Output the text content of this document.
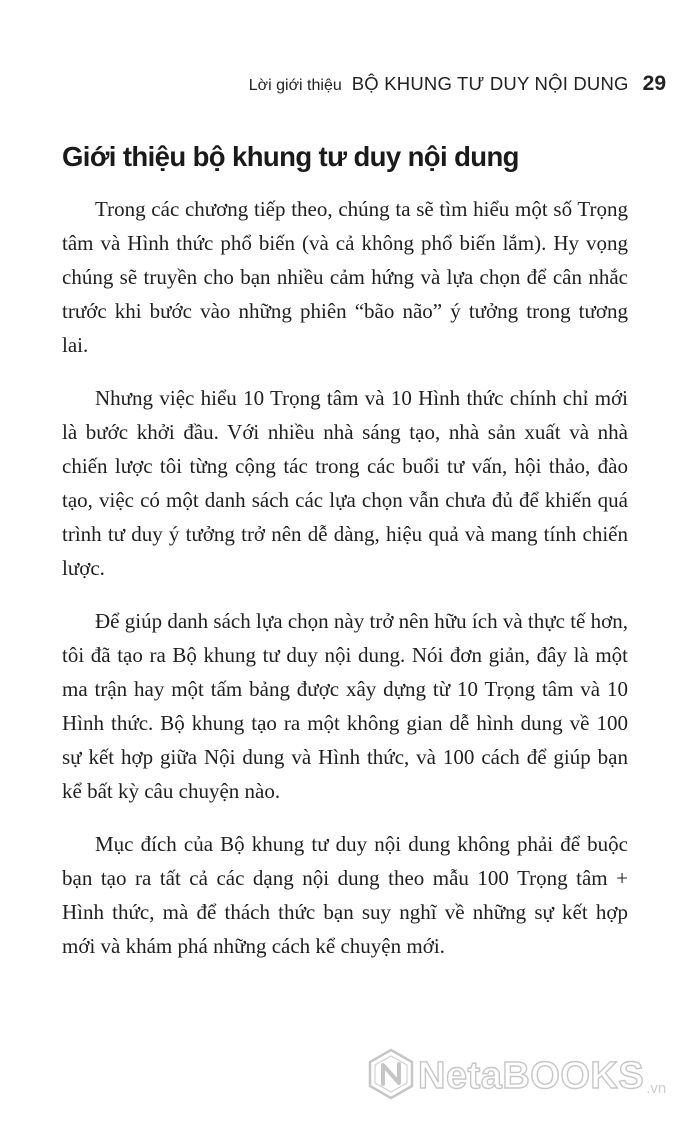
Lời giới thiệu BỘ KHUNG TƯ DUY NỘI DUNG 29
Giới thiệu bộ khung tư duy nội dung

Trong các chương tiếp theo, chúng ta sẽ tìm hiểu một số Trọng tâm và Hình thức phổ biến (và cả không phổ biến lắm). Hy vọng chúng sẽ truyền cho bạn nhiều cảm hứng và lựa chọn để cân nhắc trước khi bước vào những phiên “bão não” ý tưởng trong tương lai.

Nhưng việc hiểu 10 Trọng tâm và 10 Hình thức chính chỉ mới là bước khởi đầu. Với nhiều nhà sáng tạo, nhà sản xuất và nhà chiến lược tôi từng cộng tác trong các buổi tư vấn, hội thảo, đào tạo, việc có một danh sách các lựa chọn vẫn chưa đủ để khiến quá trình tư duy ý tưởng trở nên dễ dàng, hiệu quả và mang tính chiến lược.

Để giúp danh sách lựa chọn này trở nên hữu ích và thực tế hơn, tôi đã tạo ra Bộ khung tư duy nội dung. Nói đơn giản, đây là một ma trận hay một tấm bảng được xây dựng từ 10 Trọng tâm và 10 Hình thức. Bộ khung tạo ra một không gian dễ hình dung về 100 sự kết hợp giữa Nội dung và Hình thức, và 100 cách để giúp bạn kể bất kỳ câu chuyện nào.

Mục đích của Bộ khung tư duy nội dung không phải để buộc bạn tạo ra tất cả các dạng nội dung theo mẫu 100 Trọng tâm + Hình thức, mà để thách thức bạn suy nghĩ về những sự kết hợp mới và khám phá những cách kể chuyện mới.

NetaBOOKS .vn
